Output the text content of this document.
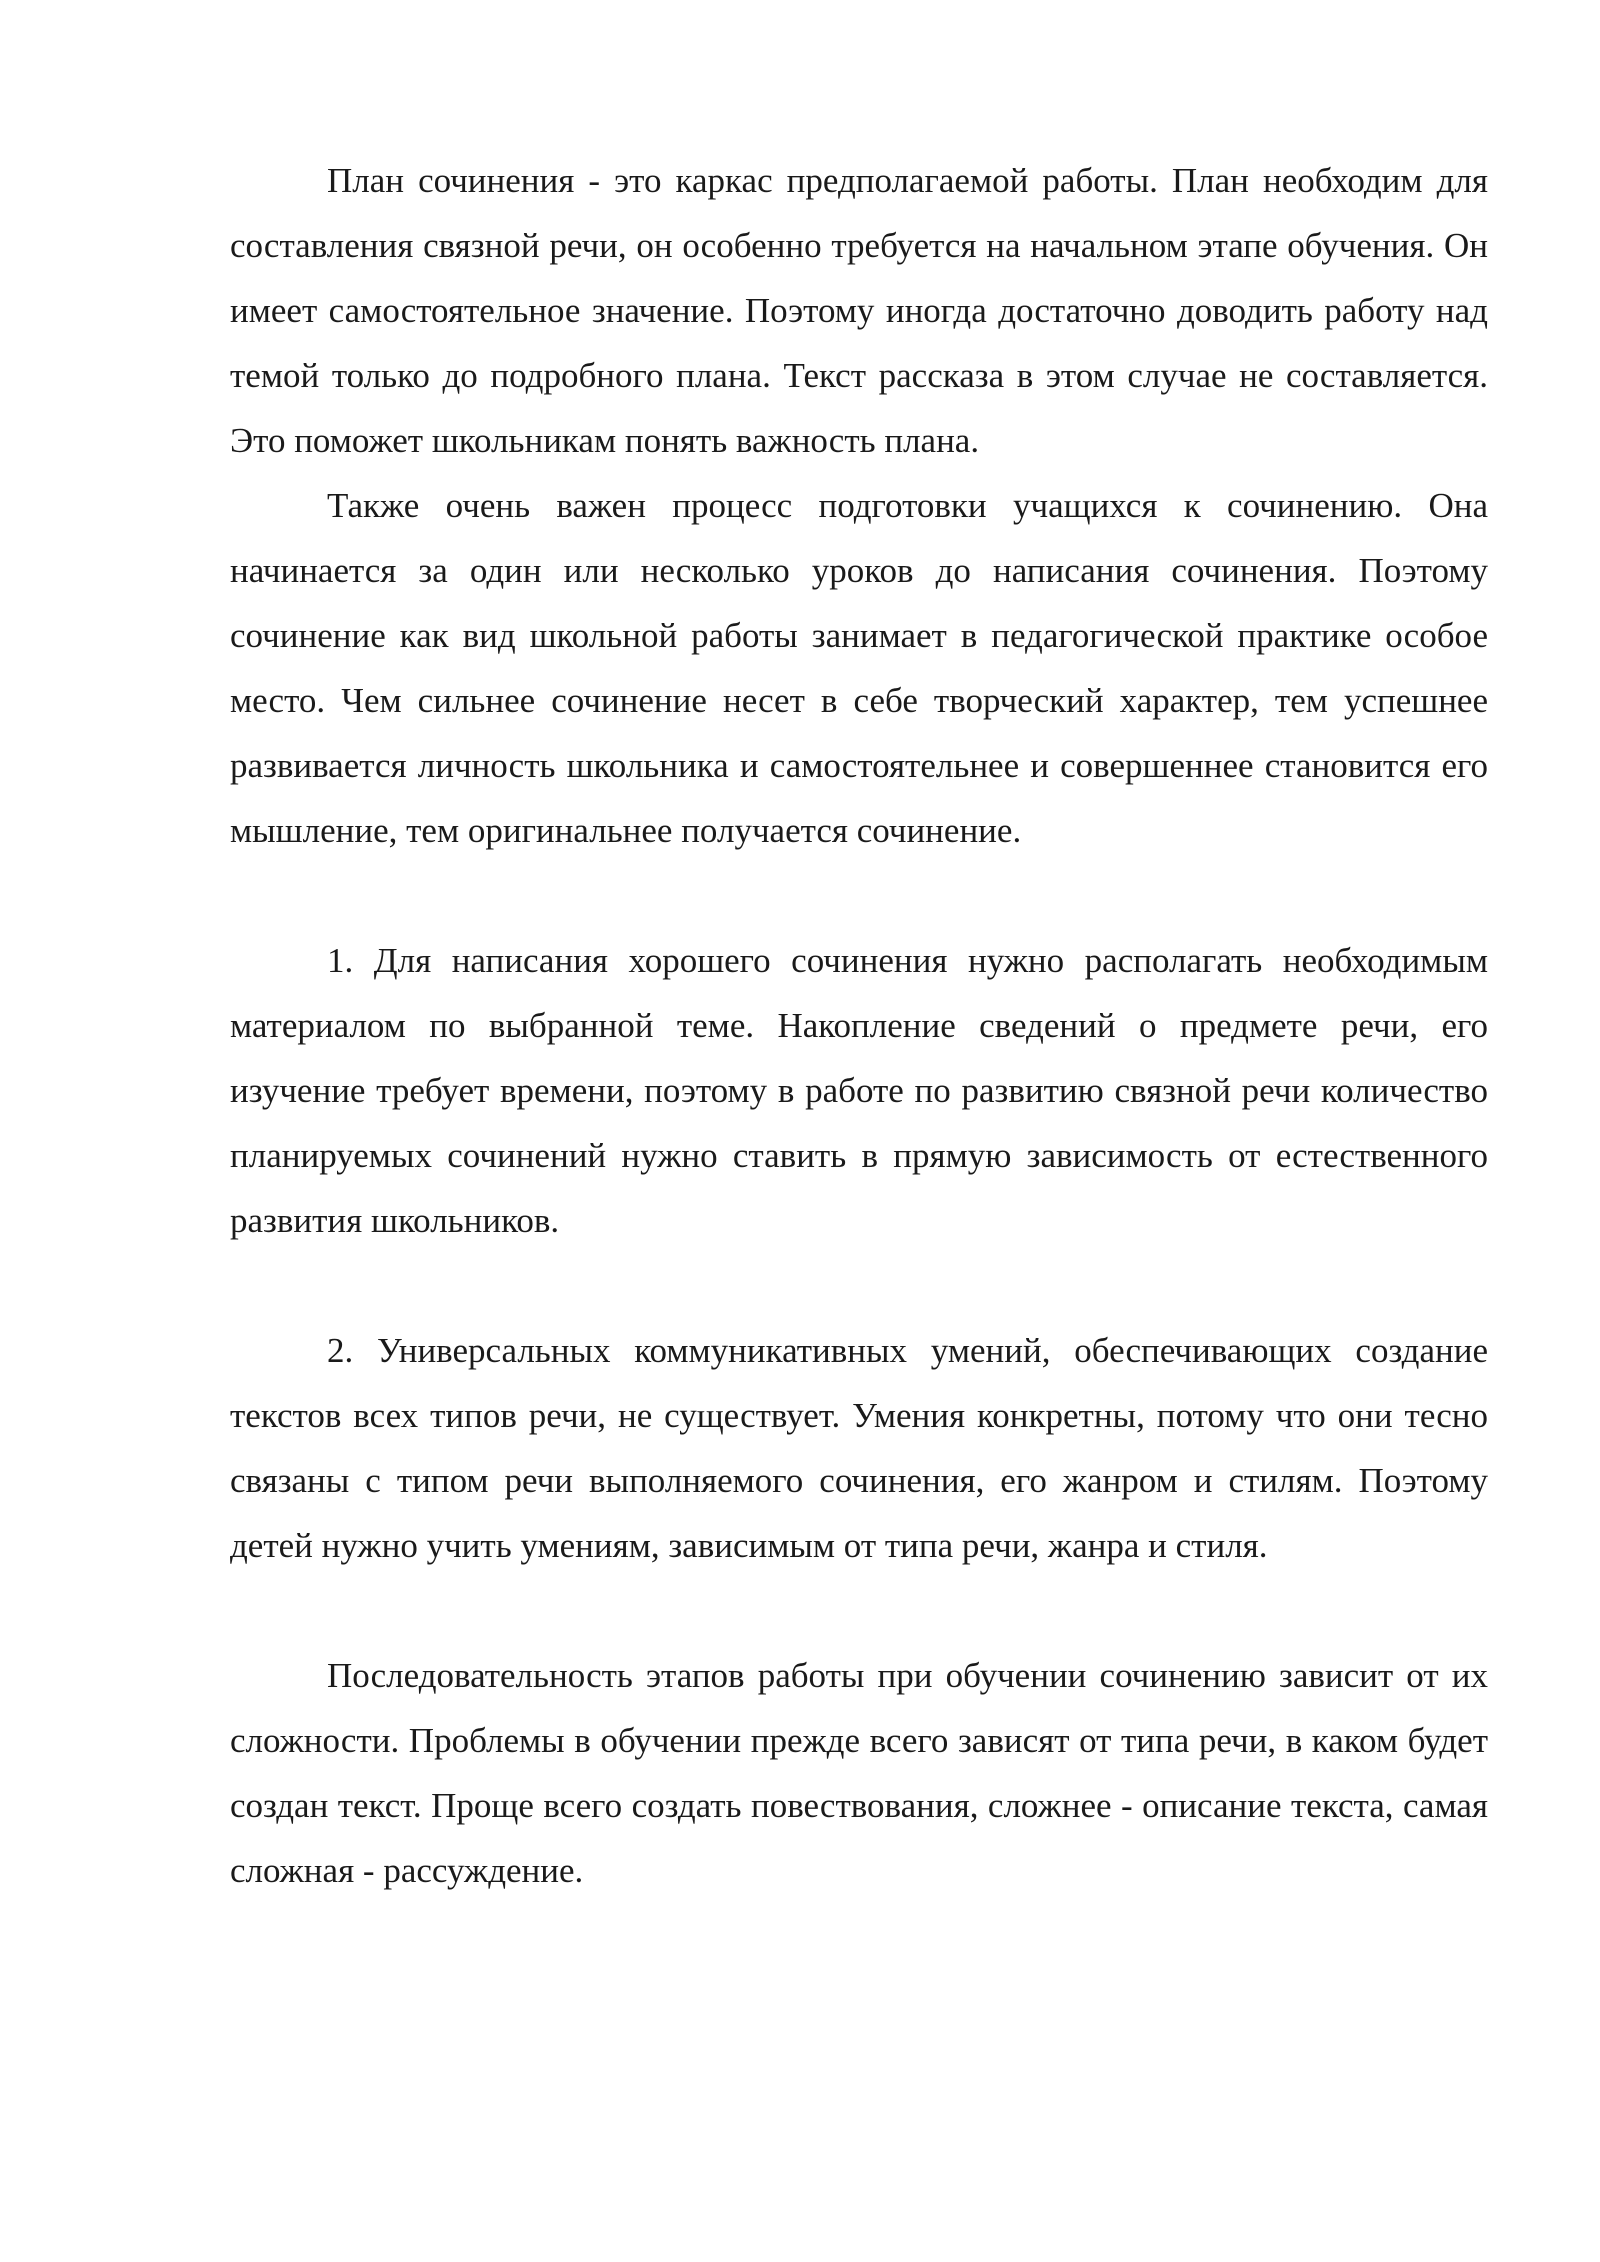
План сочинения - это каркас предполагаемой работы. План необходим для составления связной речи, он особенно требуется на начальном этапе обучения. Он имеет самостоятельное значение. Поэтому иногда достаточно доводить работу над темой только до подробного плана. Текст рассказа в этом случае не составляется. Это поможет школьникам понять важность плана.

Также очень важен процесс подготовки учащихся к сочинению. Она начинается за один или несколько уроков до написания сочинения. Поэтому сочинение как вид школьной работы занимает в педагогической практике особое место. Чем сильнее сочинение несет в себе творческий характер, тем успешнее развивается личность школьника и самостоятельнее и совершеннее становится его мышление, тем оригинальнее получается сочинение.

1. Для написания хорошего сочинения нужно располагать необходимым материалом по выбранной теме. Накопление сведений о предмете речи, его изучение требует времени, поэтому в работе по развитию связной речи количество планируемых сочинений нужно ставить в прямую зависимость от естественного развития школьников.

2. Универсальных коммуникативных умений, обеспечивающих создание текстов всех типов речи, не существует. Умения конкретны, потому что они тесно связаны с типом речи выполняемого сочинения, его жанром и стилям. Поэтому детей нужно учить умениям, зависимым от типа речи, жанра и стиля.

Последовательность этапов работы при обучении сочинению зависит от их сложности. Проблемы в обучении прежде всего зависят от типа речи, в каком будет создан текст. Проще всего создать повествования, сложнее - описание текста, самая сложная - рассуждение.
